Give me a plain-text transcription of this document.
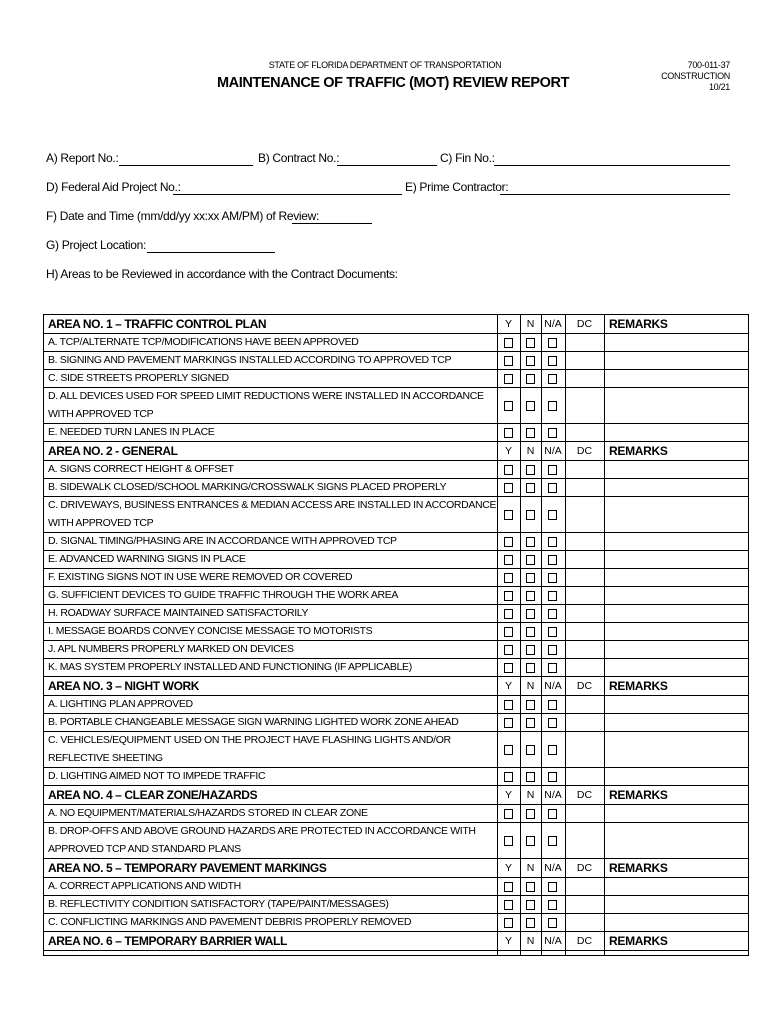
STATE OF FLORIDA DEPARTMENT OF TRANSPORTATION
MAINTENANCE OF TRAFFIC (MOT) REVIEW REPORT
700-011-37
CONSTRUCTION
10/21
A) Report No.:	B) Contract No.:	C) Fin No.:
D) Federal Aid Project No.:	E) Prime Contractor:
F) Date and Time (mm/dd/yy xx:xx AM/PM) of Review:
G) Project Location:
H) Areas to be Reviewed in accordance with the Contract Documents:
AREA NO. 1 – TRAFFIC CONTROL PLAN	Y	N N/A	DC	REMARKS
A. TCP/ALTERNATE TCP/MODIFICATIONS HAVE BEEN APPROVED
B. SIGNING AND PAVEMENT MARKINGS INSTALLED ACCORDING TO APPROVED TCP
C. SIDE STREETS PROPERLY SIGNED
D. ALL DEVICES USED FOR SPEED LIMIT REDUCTIONS WERE INSTALLED IN ACCORDANCE WITH APPROVED TCP
E. NEEDED TURN LANES IN PLACE
AREA NO. 2 - GENERAL	Y	N N/A	DC	REMARKS
A. SIGNS CORRECT HEIGHT & OFFSET
B. SIDEWALK CLOSED/SCHOOL MARKING/CROSSWALK SIGNS PLACED PROPERLY
C. DRIVEWAYS, BUSINESS ENTRANCES & MEDIAN ACCESS ARE INSTALLED IN ACCORDANCE WITH APPROVED TCP
D. SIGNAL TIMING/PHASING ARE IN ACCORDANCE WITH APPROVED TCP
E. ADVANCED WARNING SIGNS IN PLACE
F. EXISTING SIGNS NOT IN USE WERE REMOVED OR COVERED
G. SUFFICIENT DEVICES TO GUIDE TRAFFIC THROUGH THE WORK AREA
H. ROADWAY SURFACE MAINTAINED SATISFACTORILY
I. MESSAGE BOARDS CONVEY CONCISE MESSAGE TO MOTORISTS
J. APL NUMBERS PROPERLY MARKED ON DEVICES
K. MAS SYSTEM PROPERLY INSTALLED AND FUNCTIONING (IF APPLICABLE)
AREA NO. 3 – NIGHT WORK	Y	N N/A	DC	REMARKS
A. LIGHTING PLAN APPROVED
B. PORTABLE CHANGEABLE MESSAGE SIGN WARNING LIGHTED WORK ZONE AHEAD
C. VEHICLES/EQUIPMENT USED ON THE PROJECT HAVE FLASHING LIGHTS AND/OR REFLECTIVE SHEETING
D. LIGHTING AIMED NOT TO IMPEDE TRAFFIC
AREA NO. 4 – CLEAR ZONE/HAZARDS	Y	N N/A	DC	REMARKS
A. NO EQUIPMENT/MATERIALS/HAZARDS STORED IN CLEAR ZONE
B. DROP-OFFS AND ABOVE GROUND HAZARDS ARE PROTECTED IN ACCORDANCE WITH APPROVED TCP AND STANDARD PLANS
AREA NO. 5 – TEMPORARY PAVEMENT MARKINGS	Y	N N/A	DC	REMARKS
A. CORRECT APPLICATIONS AND WIDTH
B. REFLECTIVITY CONDITION SATISFACTORY (TAPE/PAINT/MESSAGES)
C. CONFLICTING MARKINGS AND PAVEMENT DEBRIS PROPERLY REMOVED
AREA NO. 6 – TEMPORARY BARRIER WALL	Y	N N/A	DC	REMARKS
